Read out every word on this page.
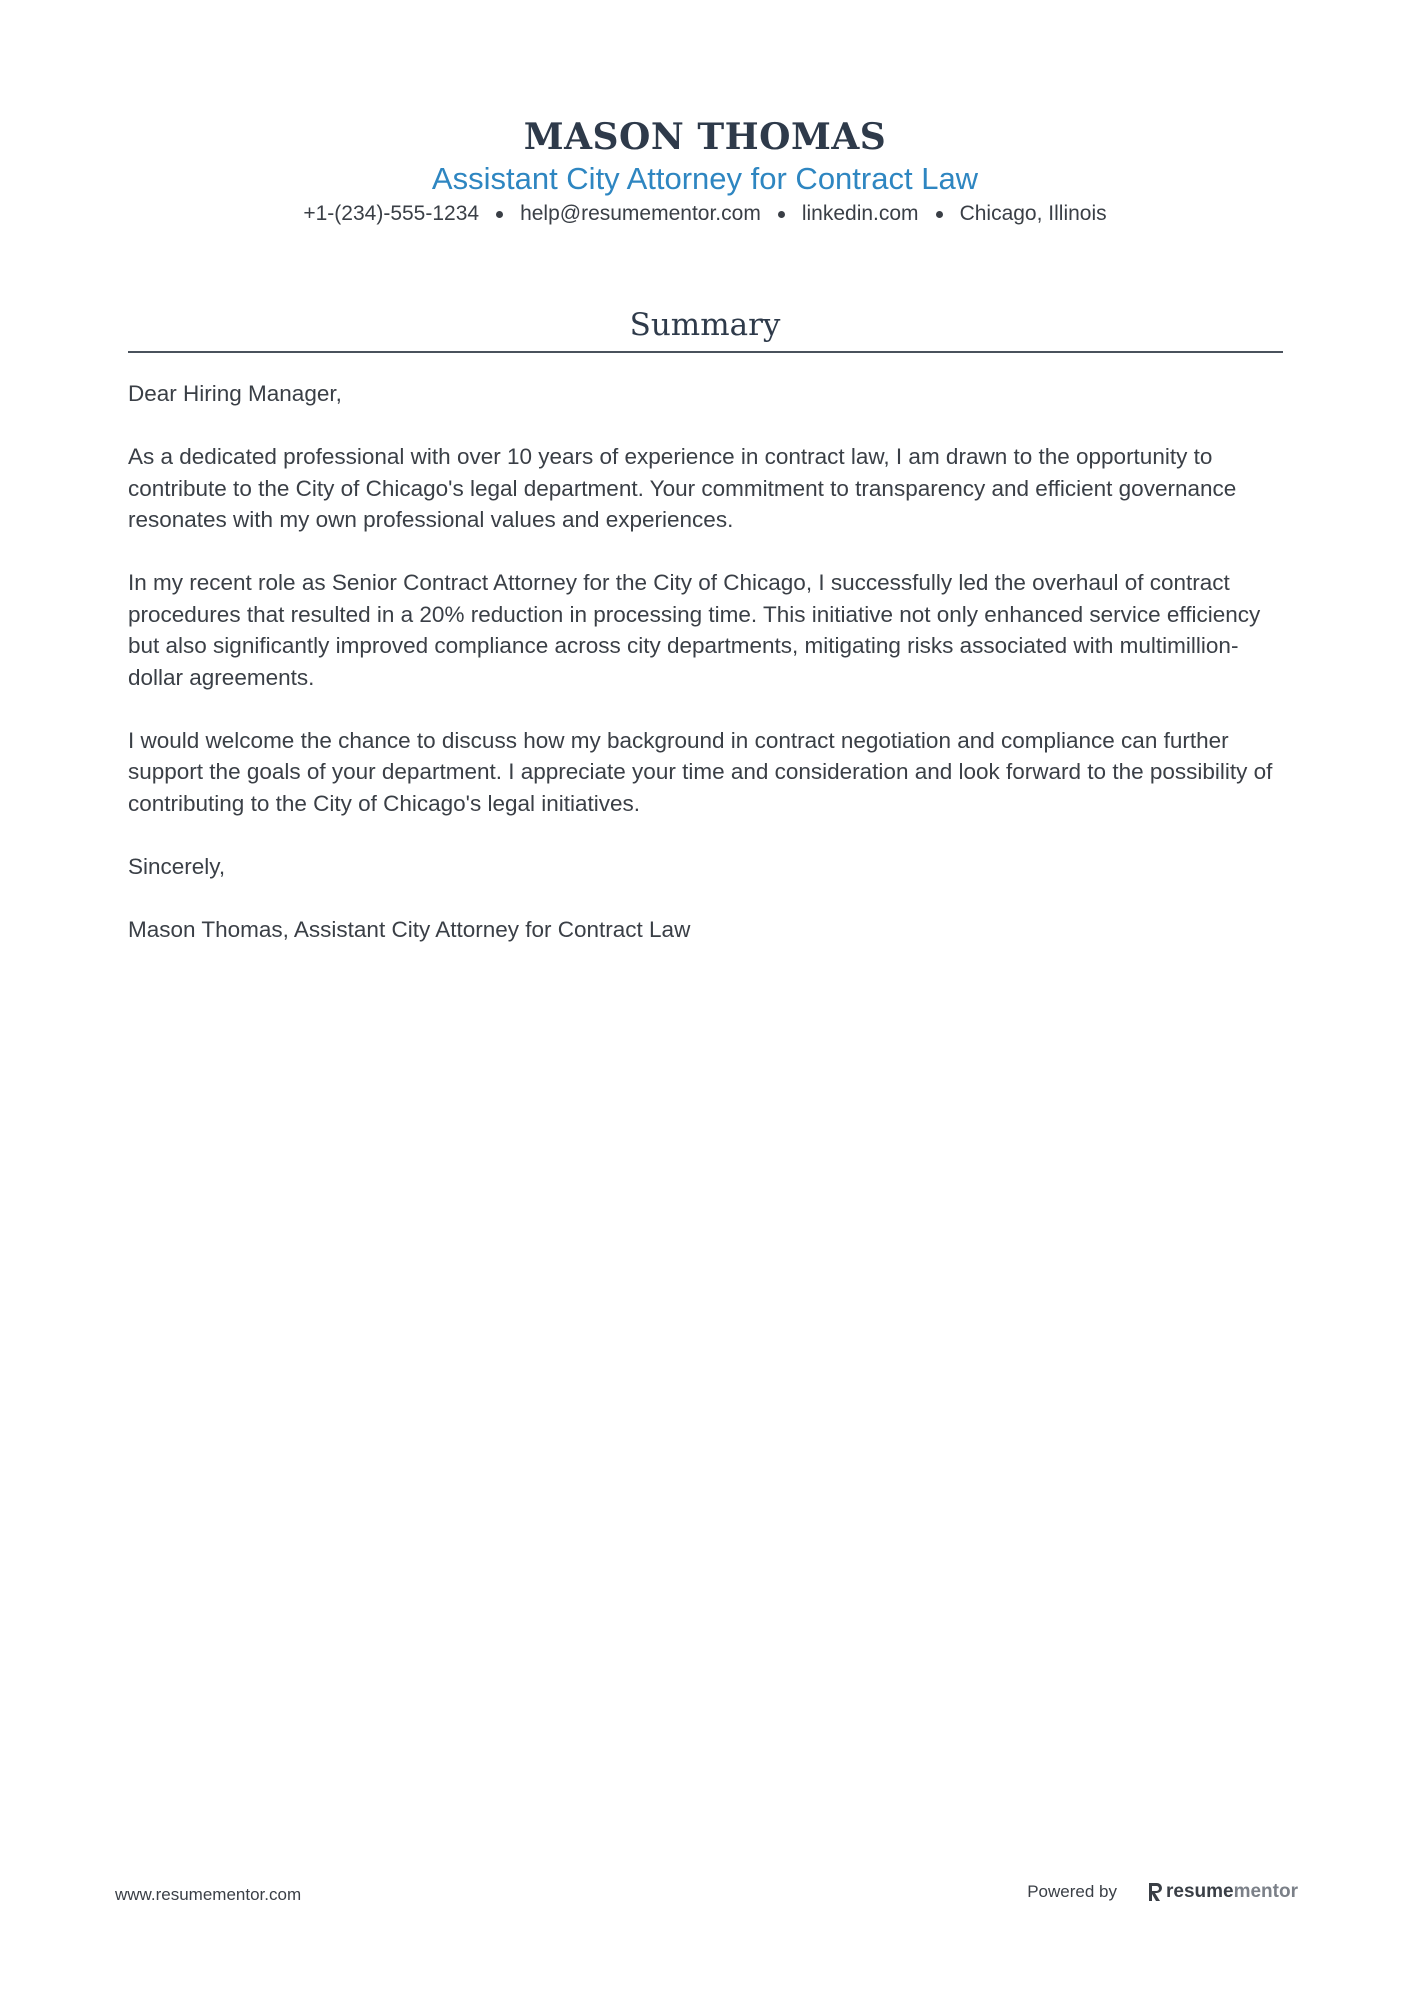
MASON THOMAS
Assistant City Attorney for Contract Law
+1-(234)-555-1234 help@resumementor.com linkedin.com Chicago, Illinois
Summary

Dear Hiring Manager,

As a dedicated professional with over 10 years of experience in contract law, I am drawn to the opportunity to contribute to the City of Chicago's legal department. Your commitment to transparency and efficient governance resonates with my own professional values and experiences.

In my recent role as Senior Contract Attorney for the City of Chicago, I successfully led the overhaul of contract procedures that resulted in a 20% reduction in processing time. This initiative not only enhanced service efficiency but also significantly improved compliance across city departments, mitigating risks associated with multimillion-dollar agreements.

I would welcome the chance to discuss how my background in contract negotiation and compliance can further support the goals of your department. I appreciate your time and consideration and look forward to the possibility of contributing to the City of Chicago's legal initiatives.

Sincerely,

Mason Thomas, Assistant City Attorney for Contract Law

www.resumementor.com	Powered by	resume mentor
